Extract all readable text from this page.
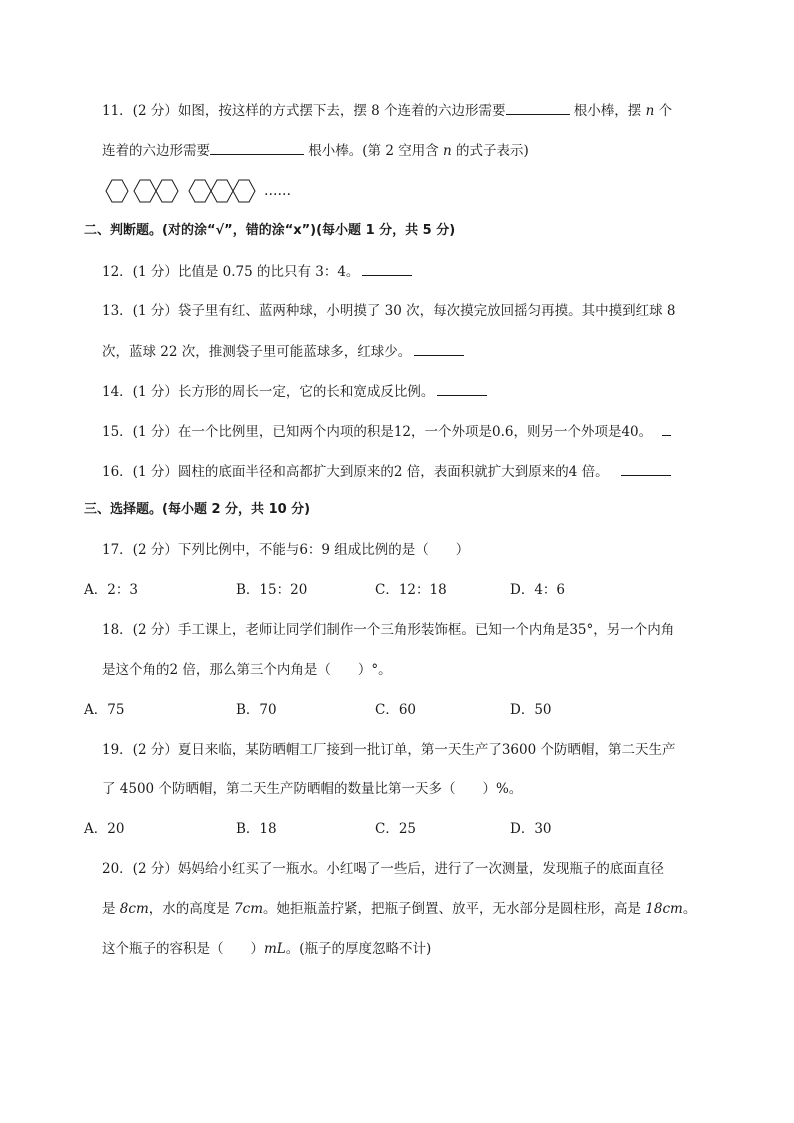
11．(2 分）如图，按这样的方式摆下去，摆 8 个连着的六边形需要	根小棒，摆 n 个
连着的六边形需要	根小棒。(第 2 空用含 n 的式子表示)
……
二、判断题。(对的涂“√”，错的涂“x”)(每小题 1 分，共 5 分)
12．(1 分）比值是 0.75 的比只有 3：4。
13．(1 分）袋子里有红、蓝两种球，小明摸了 30 次，每次摸完放回摇匀再摸。其中摸到红球 8
次，蓝球 22 次，推测袋子里可能蓝球多，红球少。
14．(1 分）长方形的周长一定，它的长和宽成反比例。
15．(1 分）在一个比例里，已知两个内项的积是12，一个外项是0.6，则另一个外项是40。
16．(1 分）圆柱的底面半径和高都扩大到原来的2 倍，表面积就扩大到原来的4 倍。
三、选择题。(每小题 2 分，共 10 分)
17．(2 分）下列比例中，不能与6：9 组成比例的是（　　）
A．2：3	B．15：20	C．12：18	D．4：6
18．(2 分）手工课上，老师让同学们制作一个三角形装饰框。已知一个内角是35°，另一个内角
是这个角的2 倍，那么第三个内角是（　　）°。
A．75	B．70	C．60	D．50
19．(2 分）夏日来临，某防晒帽工厂接到一批订单，第一天生产了3600 个防晒帽，第二天生产
了 4500 个防晒帽，第二天生产防晒帽的数量比第一天多（　　）%。
A．20	B．18	C．25	D．30
20．(2 分）妈妈给小红买了一瓶水。小红喝了一些后，进行了一次测量，发现瓶子的底面直径
是 8cm，水的高度是 7cm。她拒瓶盖拧紧，把瓶子倒置、放平，无水部分是圆柱形，高是 18cm。
这个瓶子的容积是（　　）mL。(瓶子的厚度忽略不计)
